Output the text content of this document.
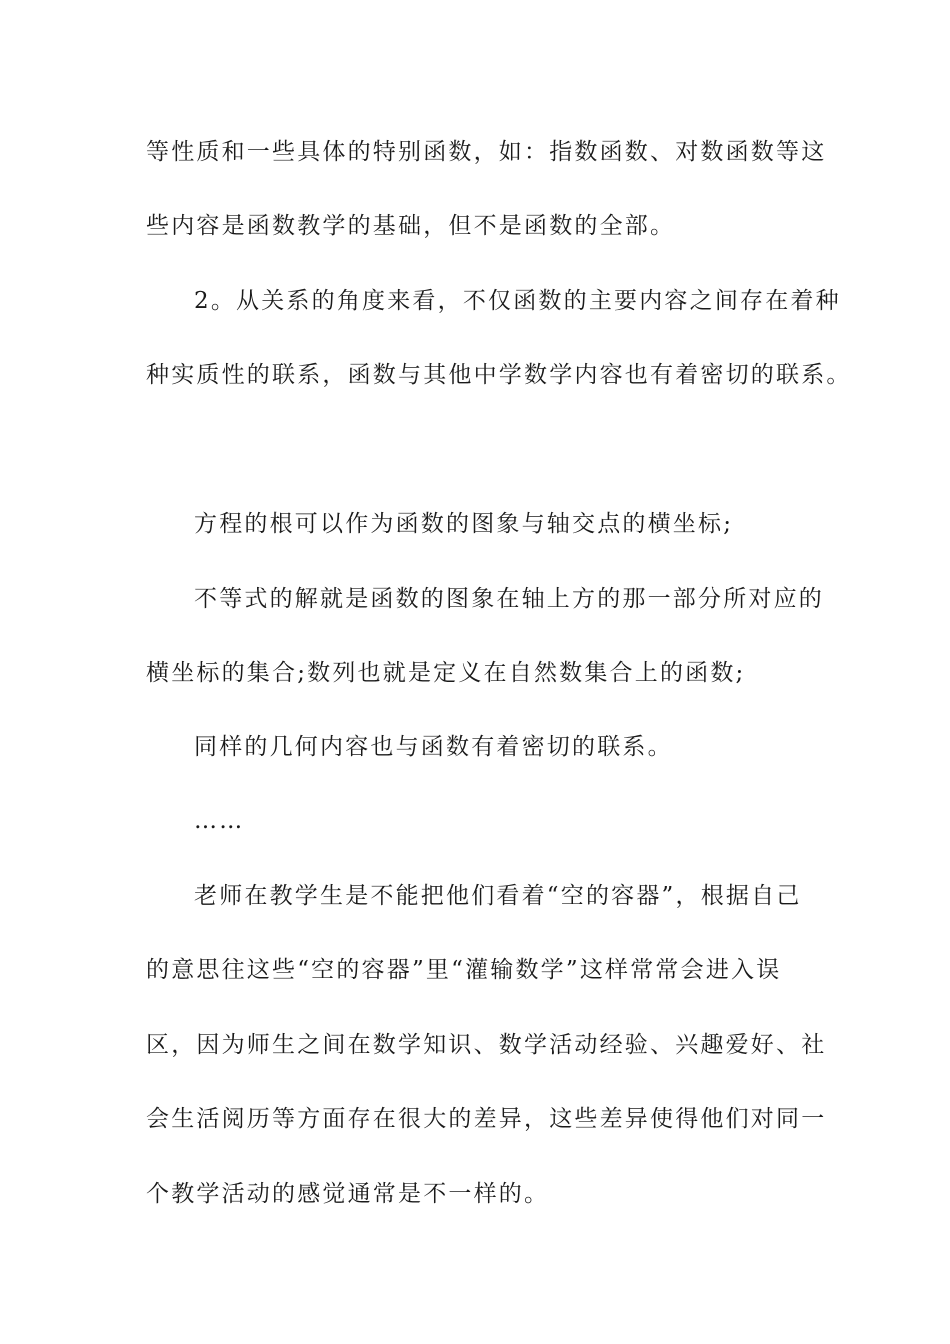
等性质和一些具体的特别函数，如：指数函数、对数函数等这

些内容是函数教学的基础，但不是函数的全部。

2。从关系的角度来看，不仅函数的主要内容之间存在着种

种实质性的联系，函数与其他中学数学内容也有着密切的联系。

方程的根可以作为函数的图象与轴交点的横坐标;

不等式的解就是函数的图象在轴上方的那一部分所对应的

横坐标的集合;数列也就是定义在自然数集合上的函数;

同样的几何内容也与函数有着密切的联系。

……

老师在教学生是不能把他们看着“空的容器”，根据自己

的意思往这些“空的容器”里“灌输数学”这样常常会进入误

区，因为师生之间在数学知识、数学活动经验、兴趣爱好、社

会生活阅历等方面存在很大的差异，这些差异使得他们对同一

个教学活动的感觉通常是不一样的。
